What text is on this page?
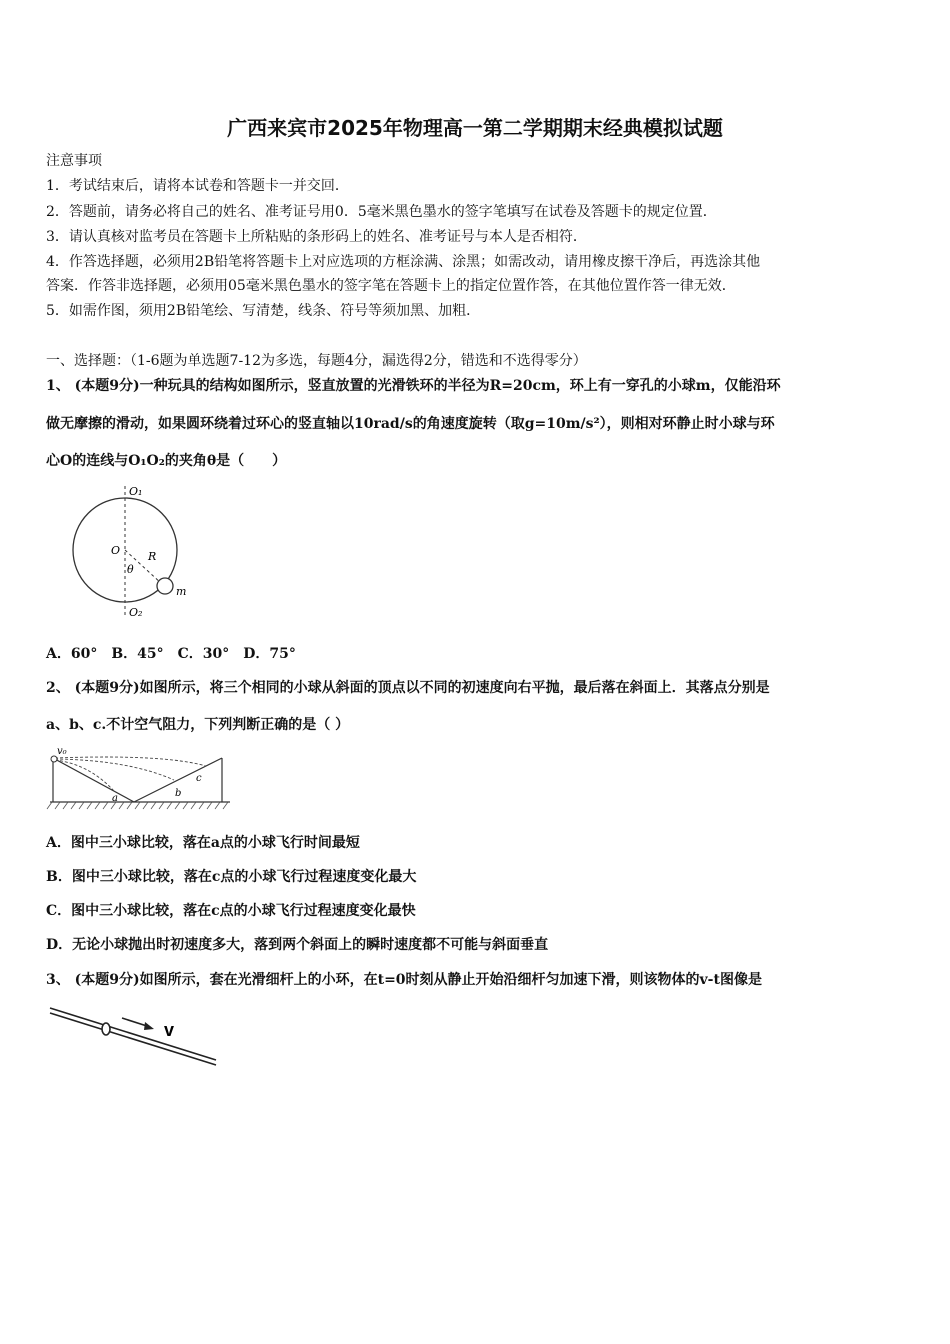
广西来宾市2025年物理高一第二学期期末经典模拟试题
注意事项
1．考试结束后，请将本试卷和答题卡一并交回．
2．答题前，请务必将自己的姓名、准考证号用0．5毫米黑色墨水的签字笔填写在试卷及答题卡的规定位置．
3．请认真核对监考员在答题卡上所粘贴的条形码上的姓名、准考证号与本人是否相符．
4．作答选择题，必须用2B铅笔将答题卡上对应选项的方框涂满、涂黑；如需改动，请用橡皮擦干净后，再选涂其他
答案．作答非选择题，必须用05毫米黑色墨水的签字笔在答题卡上的指定位置作答，在其他位置作答一律无效．
5．如需作图，须用2B铅笔绘、写清楚，线条、符号等须加黑、加粗．
一、选择题：（1-6题为单选题7-12为多选，每题4分，漏选得2分，错选和不选得零分）
1、 (本题9分)一种玩具的结构如图所示，竖直放置的光滑铁环的半径为R=20cm，环上有一穿孔的小球m，仅能沿环
做无摩擦的滑动，如果圆环绕着过环心的竖直轴以10rad/s的角速度旋转（取g=10m/s²），则相对环静止时小球与环
心O的连线与O₁O₂的夹角θ是（　　）
O₁
O	R
θ
m
O₂
A．60°　B．45°　C．30°　D．75°
2、 (本题9分)如图所示，将三个相同的小球从斜面的顶点以不同的初速度向右平抛，最后落在斜面上．其落点分别是
a、b、c.不计空气阻力，下列判断正确的是（ ）
v₀
a	b
c
A．图中三小球比较，落在a点的小球飞行时间最短
B．图中三小球比较，落在c点的小球飞行过程速度变化最大
C．图中三小球比较，落在c点的小球飞行过程速度变化最快
D．无论小球抛出时初速度多大，落到两个斜面上的瞬时速度都不可能与斜面垂直
3、 (本题9分)如图所示，套在光滑细杆上的小环，在t=0时刻从静止开始沿细杆匀加速下滑，则该物体的v-t图像是
v
